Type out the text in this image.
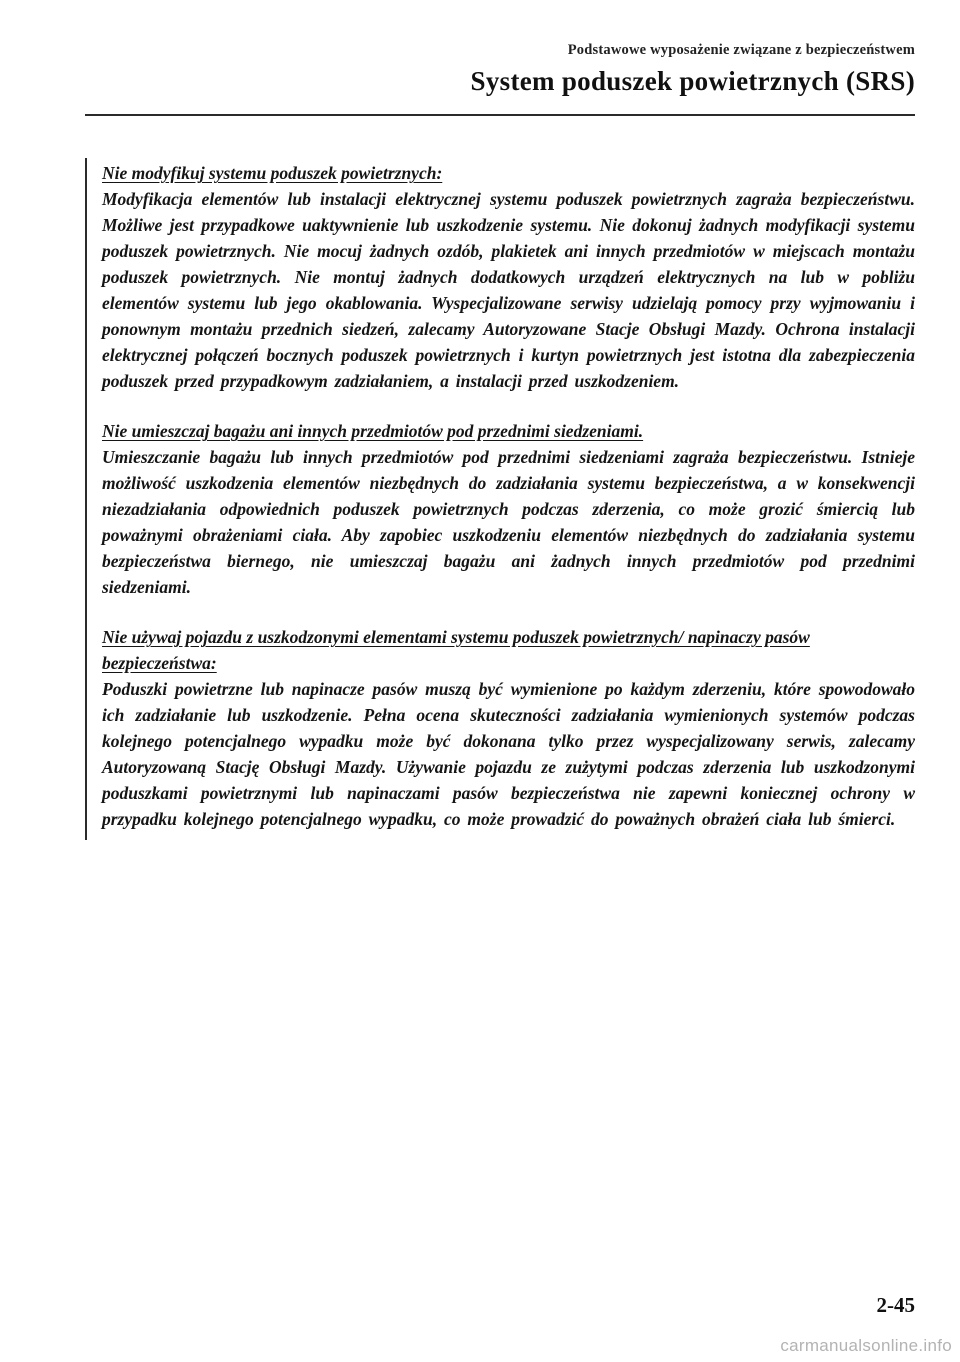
Podstawowe wyposażenie związane z bezpieczeństwem
System poduszek powietrznych (SRS)
Nie modyfikuj systemu poduszek powietrznych:

Modyfikacja elementów lub instalacji elektrycznej systemu poduszek powietrznych zagraża bezpieczeństwu. Możliwe jest przypadkowe uaktywnienie lub uszkodzenie systemu. Nie dokonuj żadnych modyfikacji systemu poduszek powietrznych. Nie mocuj żadnych ozdób, plakietek ani innych przedmiotów w miejscach montażu poduszek powietrznych. Nie montuj żadnych dodatkowych urządzeń elektrycznych na lub w pobliżu elementów systemu lub jego okablowania. Wyspecjalizowane serwisy udzielają pomocy przy wyjmowaniu i ponownym montażu przednich siedzeń, zalecamy Autoryzowane Stacje Obsługi Mazdy. Ochrona instalacji elektrycznej połączeń bocznych poduszek powietrznych i kurtyn powietrznych jest istotna dla zabezpieczenia poduszek przed przypadkowym zadziałaniem, a instalacji przed uszkodzeniem.

Nie umieszczaj bagażu ani innych przedmiotów pod przednimi siedzeniami.

Umieszczanie bagażu lub innych przedmiotów pod przednimi siedzeniami zagraża bezpieczeństwu. Istnieje możliwość uszkodzenia elementów niezbędnych do zadziałania systemu bezpieczeństwa, a w konsekwencji niezadziałania odpowiednich poduszek powietrznych podczas zderzenia, co może grozić śmiercią lub poważnymi obrażeniami ciała. Aby zapobiec uszkodzeniu elementów niezbędnych do zadziałania systemu bezpieczeństwa biernego, nie umieszczaj bagażu ani żadnych innych przedmiotów pod przednimi siedzeniami.

Nie używaj pojazdu z uszkodzonymi elementami systemu poduszek powietrznych/ napinaczy pasów bezpieczeństwa:

Poduszki powietrzne lub napinacze pasów muszą być wymienione po każdym zderzeniu, które spowodowało ich zadziałanie lub uszkodzenie. Pełna ocena skuteczności zadziałania wymienionych systemów podczas kolejnego potencjalnego wypadku może być dokonana tylko przez wyspecjalizowany serwis, zalecamy Autoryzowaną Stację Obsługi Mazdy. Używanie pojazdu ze zużytymi podczas zderzenia lub uszkodzonymi poduszkami powietrznymi lub napinaczami pasów bezpieczeństwa nie zapewni koniecznej ochrony w przypadku kolejnego potencjalnego wypadku, co może prowadzić do poważnych obrażeń ciała lub śmierci.

2-45
carmanualsonline.info
